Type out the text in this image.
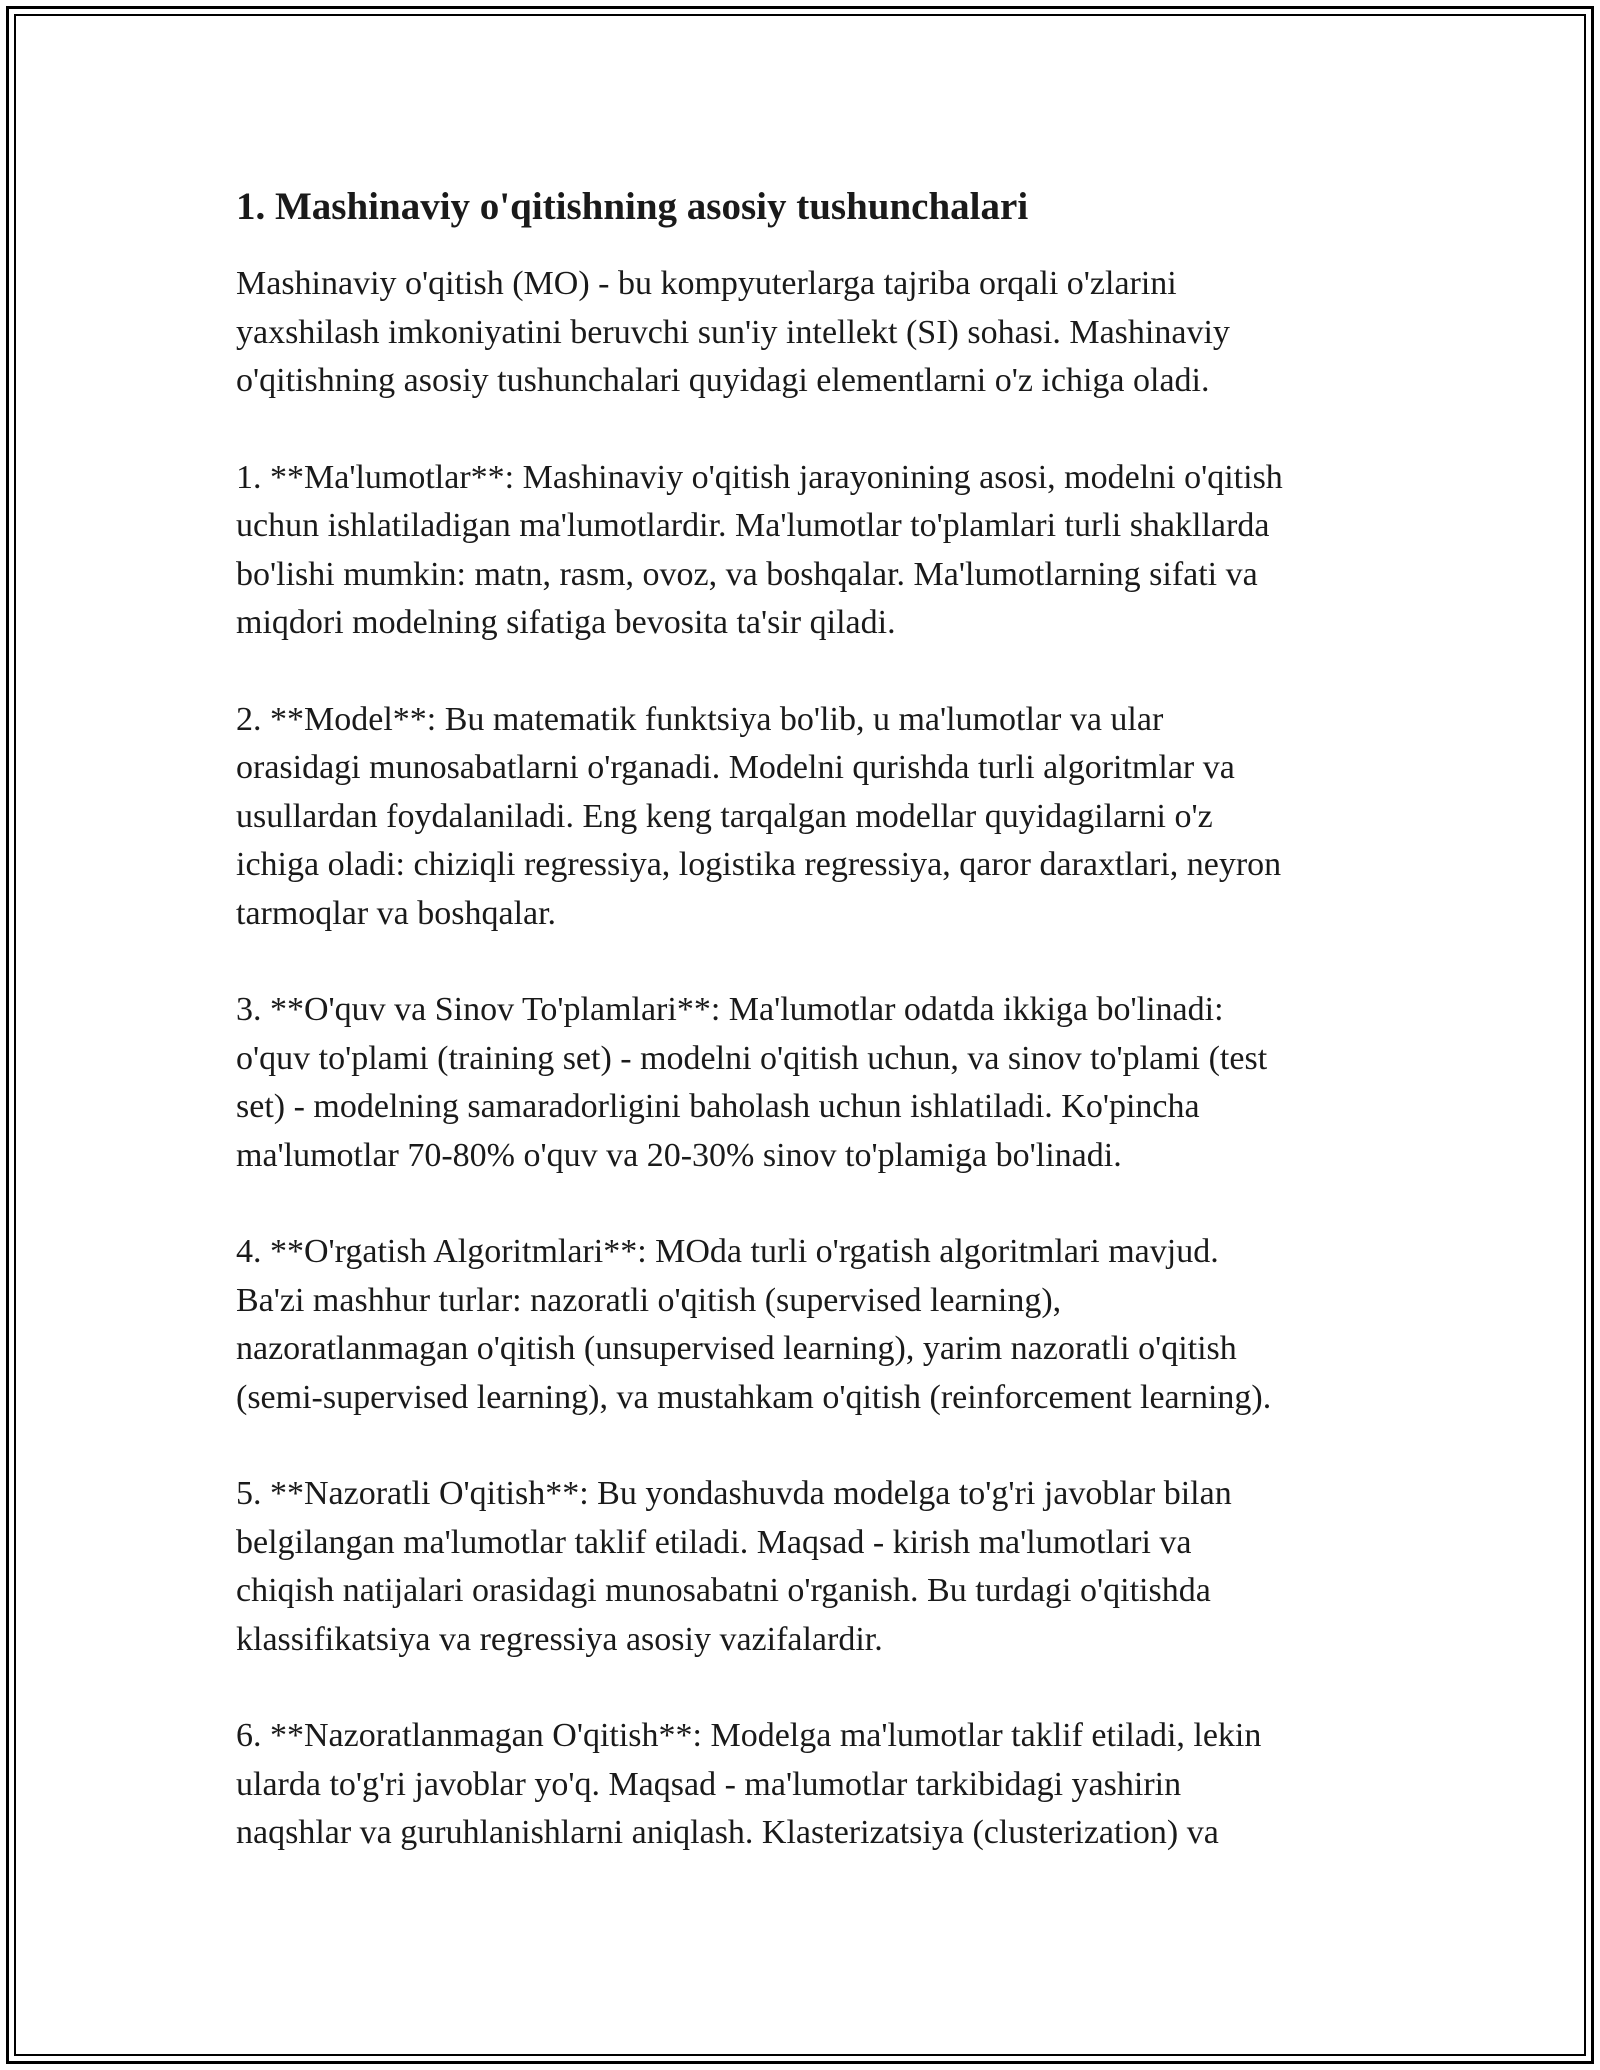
1. Mashinaviy o'qitishning asosiy tushunchalari

Mashinaviy o'qitish (MO) - bu kompyuterlarga tajriba orqali o'zlarini
yaxshilash imkoniyatini beruvchi sun'iy intellekt (SI) sohasi. Mashinaviy
o'qitishning asosiy tushunchalari quyidagi elementlarni o'z ichiga oladi.

1. **Ma'lumotlar**: Mashinaviy o'qitish jarayonining asosi, modelni o'qitish
uchun ishlatiladigan ma'lumotlardir. Ma'lumotlar to'plamlari turli shakllarda
bo'lishi mumkin: matn, rasm, ovoz, va boshqalar. Ma'lumotlarning sifati va
miqdori modelning sifatiga bevosita ta'sir qiladi.

2. **Model**: Bu matematik funktsiya bo'lib, u ma'lumotlar va ular
orasidagi munosabatlarni o'rganadi. Modelni qurishda turli algoritmlar va
usullardan foydalaniladi. Eng keng tarqalgan modellar quyidagilarni o'z
ichiga oladi: chiziqli regressiya, logistika regressiya, qaror daraxtlari, neyron
tarmoqlar va boshqalar.

3. **O'quv va Sinov To'plamlari**: Ma'lumotlar odatda ikkiga bo'linadi:
o'quv to'plami (training set) - modelni o'qitish uchun, va sinov to'plami (test
set) - modelning samaradorligini baholash uchun ishlatiladi. Ko'pincha
ma'lumotlar 70-80% o'quv va 20-30% sinov to'plamiga bo'linadi.

4. **O'rgatish Algoritmlari**: MOda turli o'rgatish algoritmlari mavjud.
Ba'zi mashhur turlar: nazoratli o'qitish (supervised learning),
nazoratlanmagan o'qitish (unsupervised learning), yarim nazoratli o'qitish
(semi-supervised learning), va mustahkam o'qitish (reinforcement learning).

5. **Nazoratli O'qitish**: Bu yondashuvda modelga to'g'ri javoblar bilan
belgilangan ma'lumotlar taklif etiladi. Maqsad - kirish ma'lumotlari va
chiqish natijalari orasidagi munosabatni o'rganish. Bu turdagi o'qitishda
klassifikatsiya va regressiya asosiy vazifalardir.

6. **Nazoratlanmagan O'qitish**: Modelga ma'lumotlar taklif etiladi, lekin
ularda to'g'ri javoblar yo'q. Maqsad - ma'lumotlar tarkibidagi yashirin
naqshlar va guruhlanishlarni aniqlash. Klasterizatsiya (clusterization) va
